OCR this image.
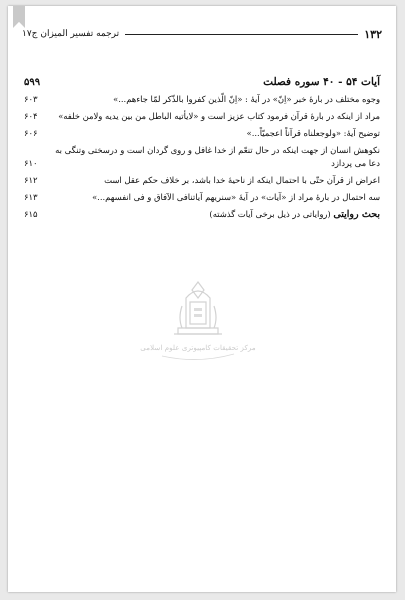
۱۳۲
ترجمه تفسیر المیزان ج۱۷
آیات ۵۴ - ۴۰ سوره فصلت
۵۹۹
وجوه مختلف در بارهٔ خبر «اِنّ» در آیهٔ : «اِنّ الّذین کفروا بالذّکر لمّا جاءهم...»
۶۰۳
مراد از اینکه در بارهٔ قرآن فرمود کتاب عزیز است و «لایأتیه الباطل من بین یدیه ولامن خلفه»
۶۰۴
توضیح آیهٔ: «ولوجعلناه قرآناً اعجمیّاً...»
۶۰۶
نکوهش انسان از جهت اینکه در حال تنعّم از خدا غافل و روی گردان است و درسختی وتنگی به دعا می پردازد
۶۱۰
اعراض از قرآن حتّی با احتمال اینکه از ناحیهٔ خدا باشد، بر خلاف حکم عقل است
۶۱۲
سه احتمال در بارهٔ مراد از «آیات» در آیهٔ «سنریهم آیاتنافی الآفاق و فی انفسهم...»
۶۱۳
بحث روایتی (روایاتی در ذیل برخی آیات گذشته)
۶۱۵
مرکز تحقیقات کامپیوتری علوم اسلامی
